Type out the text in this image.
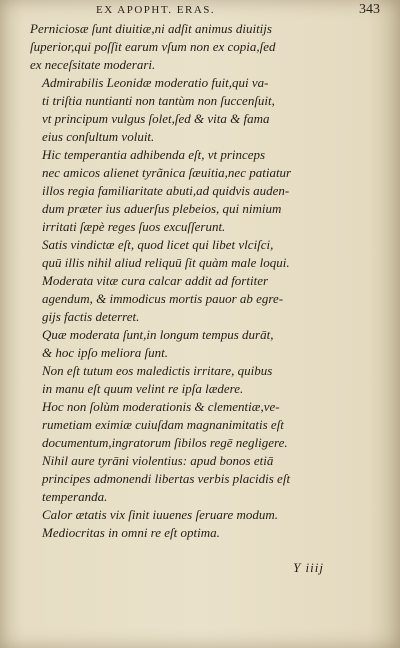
EX APOPHT. ERAS.	343
Perniciosæ ſunt diuitiæ,ni adſit animus diuitijs
ſuperior,qui poſſit earum vſum non ex copia,ſed
ex neceſsitate moderari.
Admirabilis Leonidæ moderatio fuit,qui va-
ti triſtia nuntianti non tantùm non ſuccenſuit,
vt principum vulgus ſolet,ſed & vita & fama
eius conſultum voluit.
Hic temperantia adhibenda eſt, vt princeps
nec amicos alienet tyrãnica ſæuitia,nec patiatur
illos regia familiaritate abuti,ad quidvis auden-
dum præter ius aduerſus plebeios, qui nimium
irritati ſæpè reges ſuos excuſſerunt.
Satis vindictæ eſt, quod licet qui libet vlciſci,
quū illis nihil aliud reliquū ſit quàm male loqui.
Moderata vitæ cura calcar addit ad fortiter
agendum, & immodicus mortis pauor ab egre-
gijs factis deterret.
Quæ moderata ſunt,in longum tempus durāt,
& hoc ipſo meliora ſunt.
Non eſt tutum eos maledictis irritare, quibus
in manu eſt quum velint re ipſa lædere.
Hoc non ſolùm moderationis & clementiæ,ve-
rumetiam eximiæ cuiuſdam magnanimitatis eſt
documentum,ingratorum ſibilos regē negligere.
Nihil aure tyrāni violentius: apud bonos etiā
principes admonendi libertas verbis placidis eſt
temperanda.
Calor ætatis vix ſinit iuuenes ſeruare modum.
Mediocritas in omni re eſt optima.
Y iiij
